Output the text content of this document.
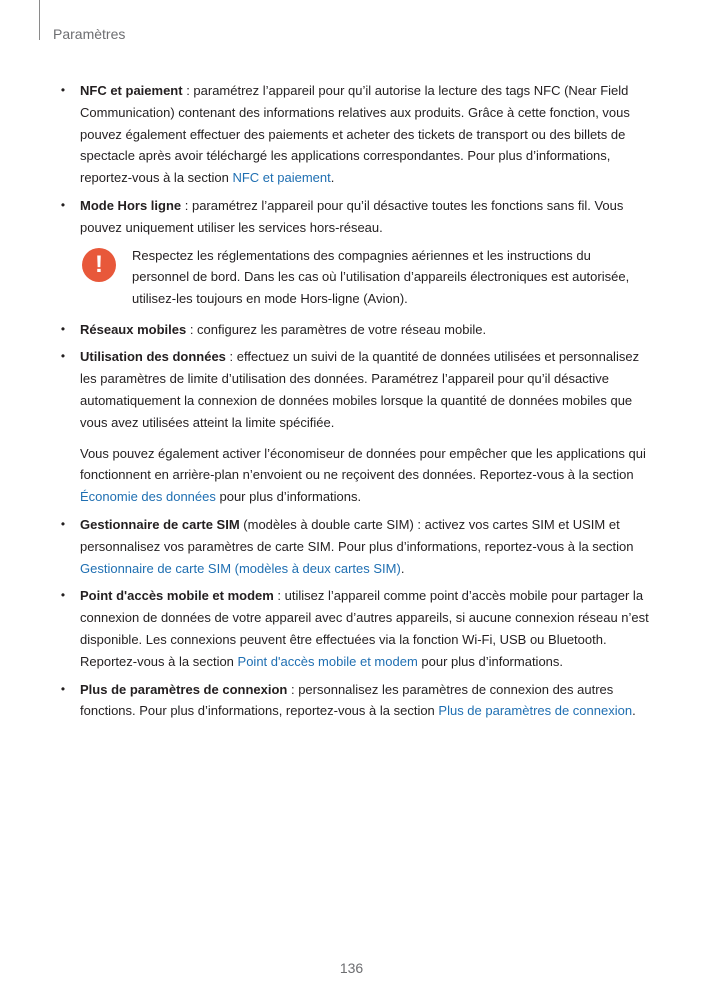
Paramètres
• NFC et paiement : paramétrez l’appareil pour qu’il autorise la lecture des tags NFC (Near Field Communication) contenant des informations relatives aux produits. Grâce à cette fonction, vous pouvez également effectuer des paiements et acheter des tickets de transport ou des billets de spectacle après avoir téléchargé les applications correspondantes. Pour plus d’informations, reportez-vous à la section NFC et paiement.

• Mode Hors ligne : paramétrez l’appareil pour qu’il désactive toutes les fonctions sans fil. Vous pouvez uniquement utiliser les services hors-réseau.

!	Respectez les réglementations des compagnies aériennes et les instructions du personnel de bord. Dans les cas où l’utilisation d’appareils électroniques est autorisée, utilisez-les toujours en mode Hors-ligne (Avion).

• Réseaux mobiles : configurez les paramètres de votre réseau mobile.

• Utilisation des données : effectuez un suivi de la quantité de données utilisées et personnalisez les paramètres de limite d’utilisation des données. Paramétrez l’appareil pour qu’il désactive automatiquement la connexion de données mobiles lorsque la quantité de données mobiles que vous avez utilisées atteint la limite spécifiée.

Vous pouvez également activer l’économiseur de données pour empêcher que les applications qui fonctionnent en arrière-plan n’envoient ou ne reçoivent des données. Reportez-vous à la section Économie des données pour plus d’informations.

• Gestionnaire de carte SIM (modèles à double carte SIM) : activez vos cartes SIM et USIM et personnalisez vos paramètres de carte SIM. Pour plus d’informations, reportez-vous à la section Gestionnaire de carte SIM (modèles à deux cartes SIM).

• Point d'accès mobile et modem : utilisez l’appareil comme point d’accès mobile pour partager la connexion de données de votre appareil avec d’autres appareils, si aucune connexion réseau n’est disponible. Les connexions peuvent être effectuées via la fonction Wi-Fi, USB ou Bluetooth. Reportez-vous à la section Point d'accès mobile et modem pour plus d’informations.

• Plus de paramètres de connexion : personnalisez les paramètres de connexion des autres fonctions. Pour plus d’informations, reportez-vous à la section Plus de paramètres de connexion.

136
